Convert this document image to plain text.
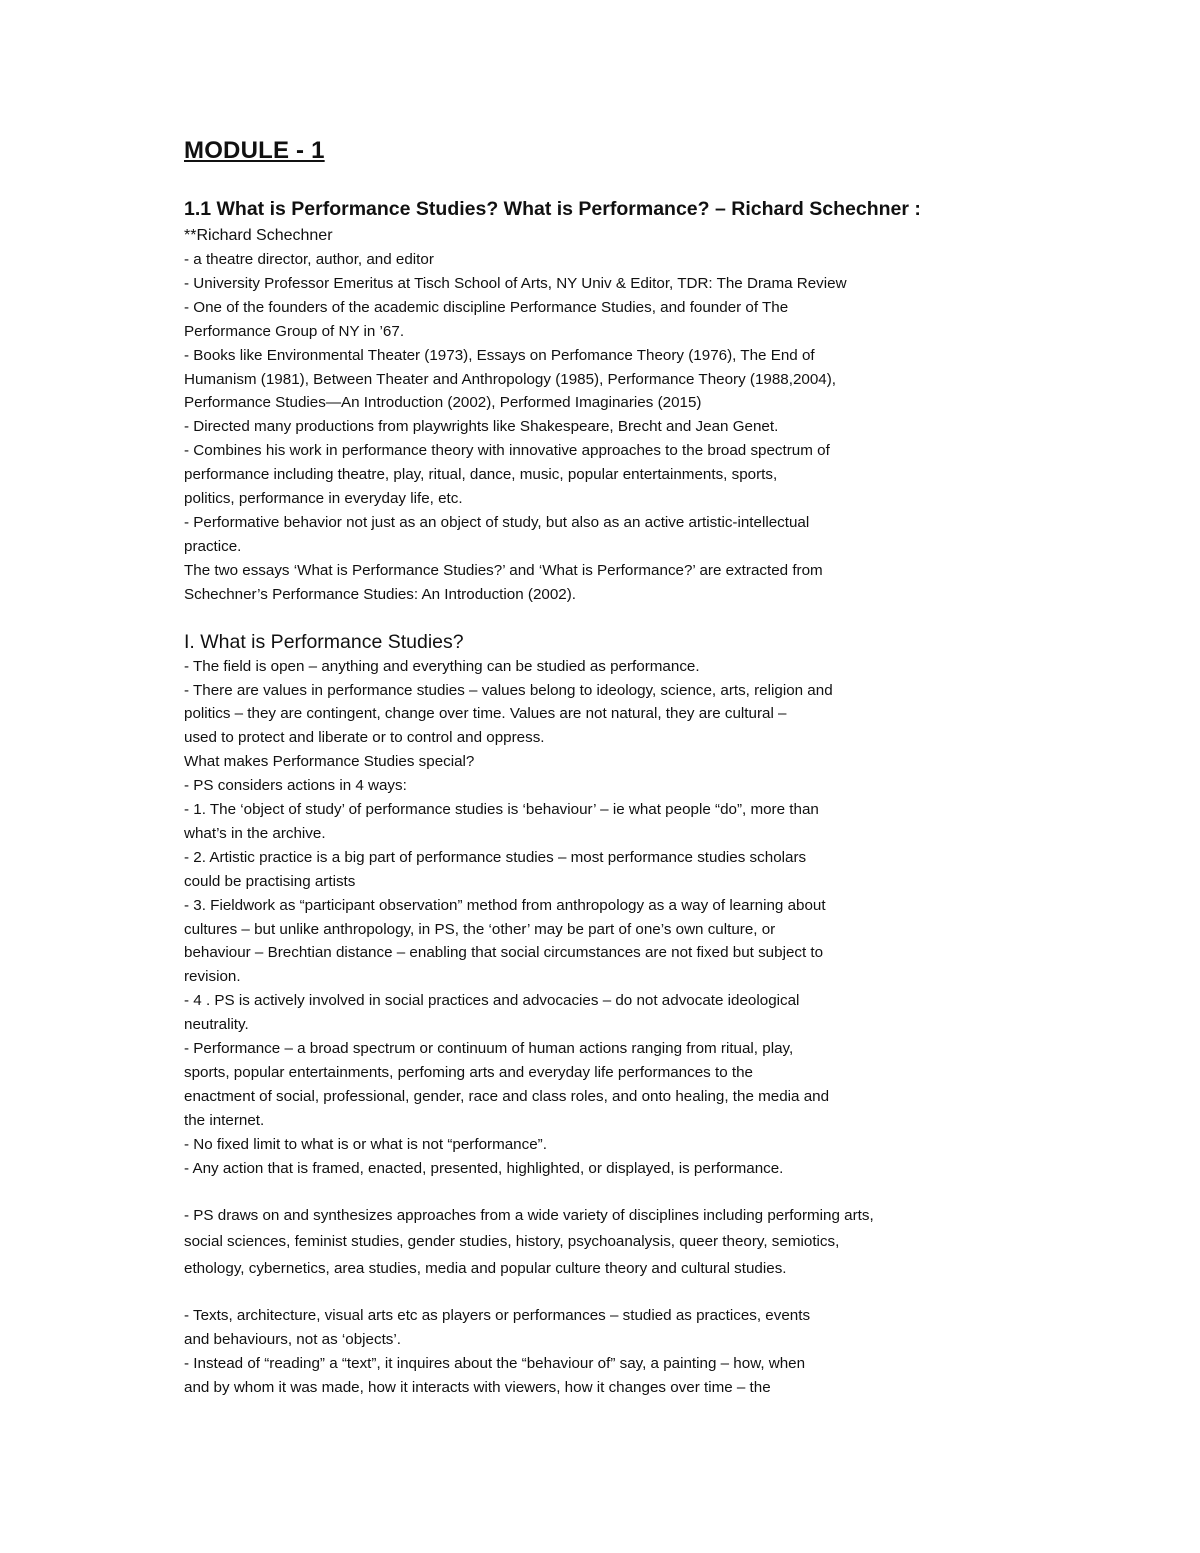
MODULE - 1
1.1 What is Performance Studies? What is Performance? – Richard Schechner :
**Richard Schechner
- a theatre director, author, and editor
- University Professor Emeritus at Tisch School of Arts, NY Univ & Editor, TDR: The Drama Review
- One of the founders of the academic discipline Performance Studies, and founder of The
Performance Group of NY in ’67.
- Books like Environmental Theater (1973), Essays on Perfomance Theory (1976), The End of
Humanism (1981), Between Theater and Anthropology (1985), Performance Theory (1988,2004),
Performance Studies—An Introduction (2002), Performed Imaginaries (2015)
- Directed many productions from playwrights like Shakespeare, Brecht and Jean Genet.
- Combines his work in performance theory with innovative approaches to the broad spectrum of
performance including theatre, play, ritual, dance, music, popular entertainments, sports,
politics, performance in everyday life, etc.
- Performative behavior not just as an object of study, but also as an active artistic-intellectual
practice.
The two essays ‘What is Performance Studies?’ and ‘What is Performance?’ are extracted from
Schechner’s Performance Studies: An Introduction (2002).
I. What is Performance Studies?
- The field is open – anything and everything can be studied as performance.
- There are values in performance studies – values belong to ideology, science, arts, religion and
politics – they are contingent, change over time. Values are not natural, they are cultural –
used to protect and liberate or to control and oppress.
What makes Performance Studies special?
- PS considers actions in 4 ways:
- 1. The ‘object of study’ of performance studies is ‘behaviour’ – ie what people “do”, more than
what’s in the archive.
- 2. Artistic practice is a big part of performance studies – most performance studies scholars
could be practising artists
- 3. Fieldwork as “participant observation” method from anthropology as a way of learning about
cultures – but unlike anthropology, in PS, the ‘other’ may be part of one’s own culture, or
behaviour – Brechtian distance – enabling that social circumstances are not fixed but subject to
revision.
- 4 . PS is actively involved in social practices and advocacies – do not advocate ideological
neutrality.
- Performance – a broad spectrum or continuum of human actions ranging from ritual, play,
sports, popular entertainments, perfoming arts and everyday life performances to the
enactment of social, professional, gender, race and class roles, and onto healing, the media and
the internet.
- No fixed limit to what is or what is not “performance”.
- Any action that is framed, enacted, presented, highlighted, or displayed, is performance.
- PS draws on and synthesizes approaches from a wide variety of disciplines including performing arts,
social sciences, feminist studies, gender studies, history, psychoanalysis, queer theory, semiotics,
ethology, cybernetics, area studies, media and popular culture theory and cultural studies.
- Texts, architecture, visual arts etc as players or performances – studied as practices, events
and behaviours, not as ‘objects’.
- Instead of “reading” a “text”, it inquires about the “behaviour of” say, a painting – how, when
and by whom it was made, how it interacts with viewers, how it changes over time – the
